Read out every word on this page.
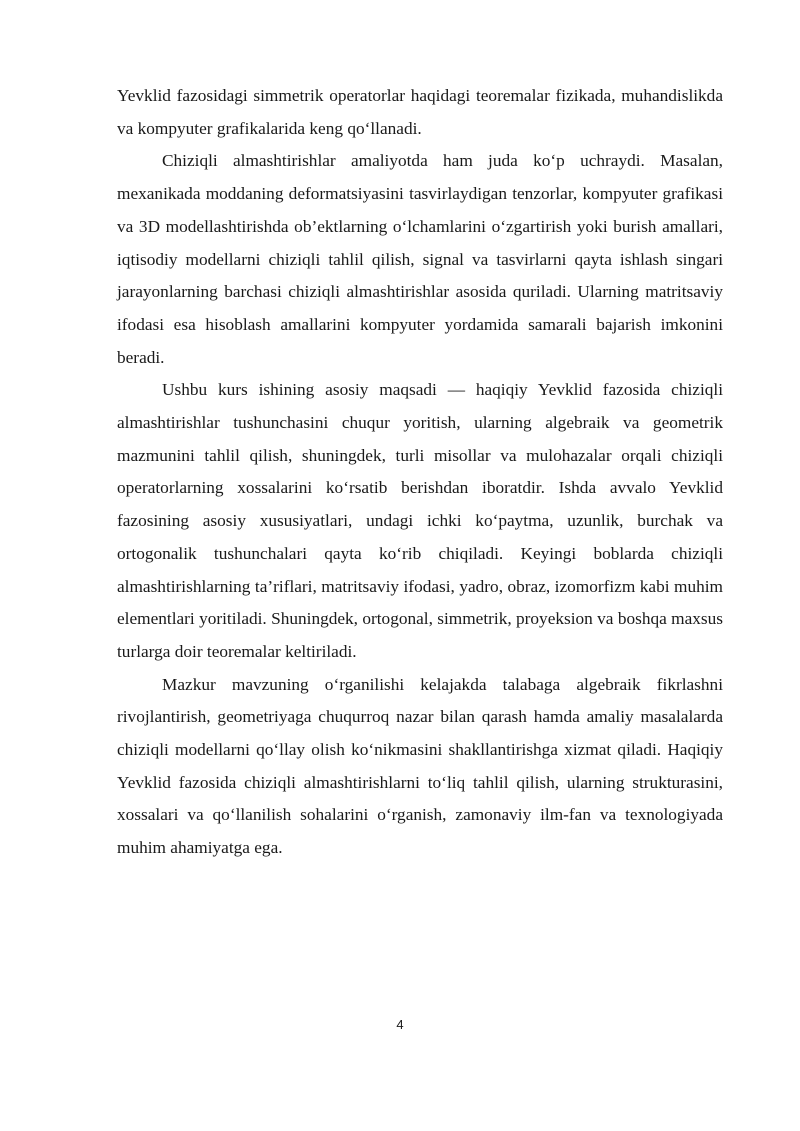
Yevklid fazosidagi simmetrik operatorlar haqidagi teoremalar fizikada, muhandislikda va kompyuter grafikalarida keng qo‘llanadi.

Chiziqli almashtirishlar amaliyotda ham juda ko‘p uchraydi. Masalan, mexanikada moddaning deformatsiyasini tasvirlaydigan tenzorlar, kompyuter grafikasi va 3D modellashtirishda ob’ektlarning o‘lchamlarini o‘zgartirish yoki burish amallari, iqtisodiy modellarni chiziqli tahlil qilish, signal va tasvirlarni qayta ishlash singari jarayonlarning barchasi chiziqli almashtirishlar asosida quriladi. Ularning matritsaviy ifodasi esa hisoblash amallarini kompyuter yordamida samarali bajarish imkonini beradi.

Ushbu kurs ishining asosiy maqsadi — haqiqiy Yevklid fazosida chiziqli almashtirishlar tushunchasini chuqur yoritish, ularning algebraik va geometrik mazmunini tahlil qilish, shuningdek, turli misollar va mulohazalar orqali chiziqli operatorlarning xossalarini ko‘rsatib berishdan iboratdir. Ishda avvalo Yevklid fazosining asosiy xususiyatlari, undagi ichki ko‘paytma, uzunlik, burchak va ortogonalik tushunchalari qayta ko‘rib chiqiladi. Keyingi boblarda chiziqli almashtirishlarning ta’riflari, matritsaviy ifodasi, yadro, obraz, izomorfizm kabi muhim elementlari yoritiladi. Shuningdek, ortogonal, simmetrik, proyeksion va boshqa maxsus turlarga doir teoremalar keltiriladi.

Mazkur mavzuning o‘rganilishi kelajakda talabaga algebraik fikrlashni rivojlantirish, geometriyaga chuqurroq nazar bilan qarash hamda amaliy masalalarda chiziqli modellarni qo‘llay olish ko‘nikmasini shakllantirishga xizmat qiladi. Haqiqiy Yevklid fazosida chiziqli almashtirishlarni to‘liq tahlil qilish, ularning strukturasini, xossalari va qo‘llanilish sohalarini o‘rganish, zamonaviy ilm-fan va texnologiyada muhim ahamiyatga ega.

4
